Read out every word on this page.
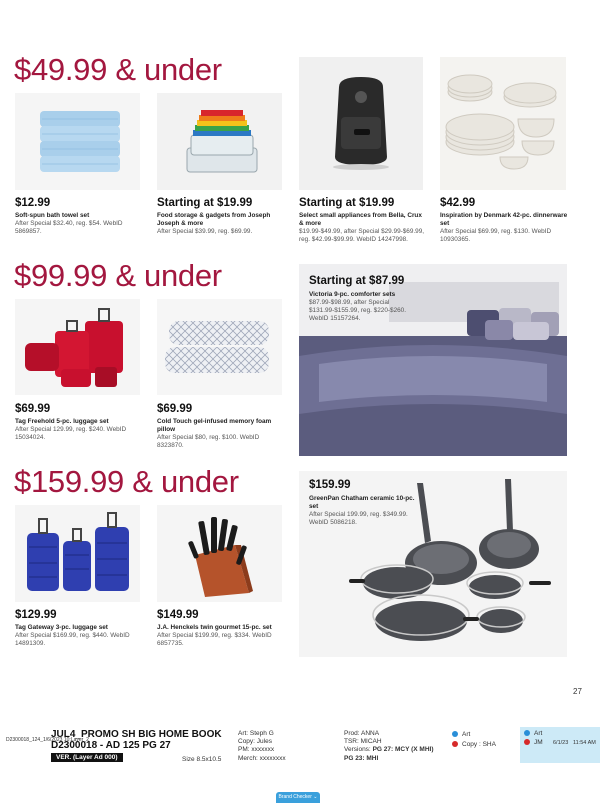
$49.99 & under
$99.99 & under
$159.99 & under
$12.99
Soft-spun bath towel set
After Special $32.40, reg. $54. WebID 5869857.
Starting at $19.99
Food storage & gadgets from Joseph Joseph & more
After Special $39.99, reg. $69.99.
Starting at $19.99
Select small appliances from Bella, Crux & more
$19.99-$49.99, after Special $29.99-$69.99, reg. $42.99-$99.99. WebID 14247998.
$42.99
Inspiration by Denmark 42-pc. dinnerware set
After Special $69.99, reg. $130. WebID 10930365.
$69.99
Tag Freehold 5-pc. luggage set
After Special 129.99, reg. $240. WebID 15034024.
$69.99
Cold Touch gel-infused memory foam pillow
After Special $80, reg. $100. WebID 8323870.
Starting at $87.99
Victoria 9-pc. comforter sets
$87.99-$98.99, after Special $131.99-$155.99, reg. $220-$260. WebID 15157264.
$129.99
Tag Gateway 3-pc. luggage set
After Special $169.99, reg. $440. WebID 14891309.
$149.99
J.A. Henckels twin gourmet 15-pc. set
After Special $199.99, reg. $334. WebID 6857735.
$159.99
GreenPan Chatham ceramic 10-pc. set
After Special 199.99, reg. $349.99. WebID 5086218.
27
D2300018_124_1/6/2023 10:Layer_2
JUL4_PROMO SH BIG HOME BOOK
D2300018 - AD 125 PG 27
VER. (Layer Ad 000)	Size 8.5x10.5
Art: Steph G
Copy: Jules
PM: xxxxxxx
Merch: xxxxxxxx
Prod: ANNA
TSR: MICAH
Versions: PG 27: MCY (X MHI)
PG 23: MHI
Art
Copy : SHA
Art
JM 6/1/23 11:54 AM
Brand Checker ⌄
